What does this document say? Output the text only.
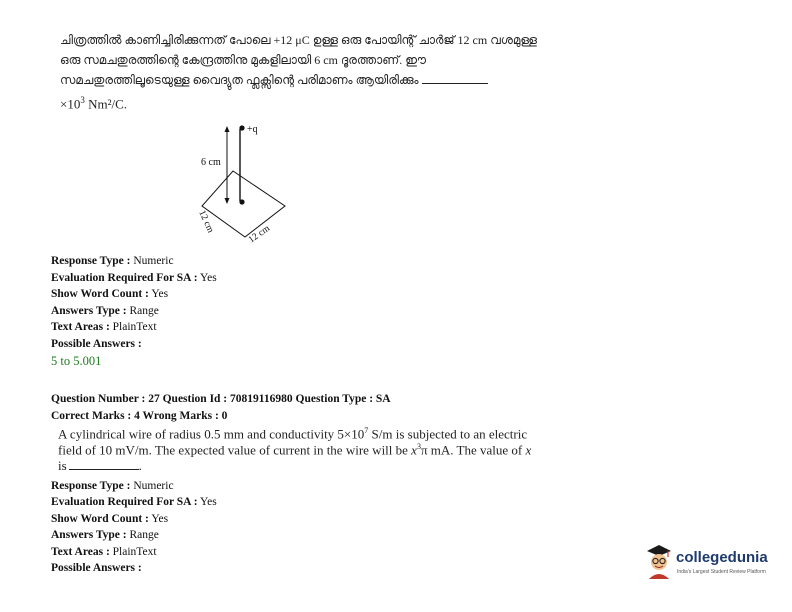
ചിത്രത്തിൽ കാണിച്ചിരിക്കുന്നത് പോലെ +12 μC ഉള്ള ഒരു പോയിന്റ് ചാർജ് 12 cm വശമുള്ള
ഒരു സമചതുരത്തിന്റെ കേന്ദ്രത്തിനു മുകളിലായി 6 cm ദൂരത്താണ്. ഈ
സമചതുരത്തിലൂടെയുള്ള വൈദ്യുത ഫ്ലക്സിന്റെ പരിമാണം ആയിരിക്കും
$\times 10^3$ Nm²/C.
+q
6 cm
12 cm
12 cm
Response Type : Numeric
Evaluation Required For SA : Yes
Show Word Count : Yes
Answers Type : Range
Text Areas : PlainText
Possible Answers :
5 to 5.001
Question Number : 27 Question Id : 70819116980 Question Type : SA
Correct Marks : 4 Wrong Marks : 0
A cylindrical wire of radius 0.5 mm and conductivity $5\times 10^7$ S/m is subjected to an electric
field of 10 mV/m. The expected value of current in the wire will be $x^3\pi$ mA. The value of x
is	.
Response Type : Numeric
Evaluation Required For SA : Yes
Show Word Count : Yes
Answers Type : Range
Text Areas : PlainText
Possible Answers :
collegedunia
India's Largest Student Review Platform
